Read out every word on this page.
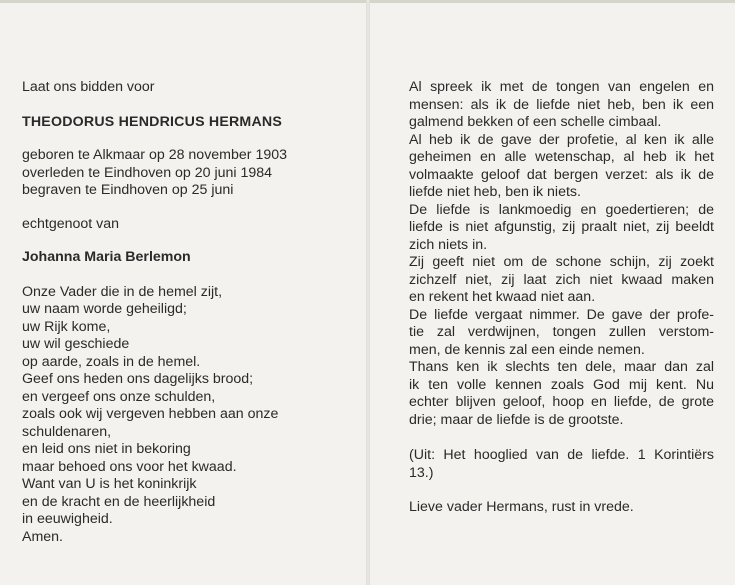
Laat ons bidden voor
THEODORUS HENDRICUS HERMANS
geboren te Alkmaar op 28 november 1903
overleden te Eindhoven op 20 juni 1984
begraven te Eindhoven op 25 juni
echtgenoot van
Johanna Maria Berlemon
Onze Vader die in de hemel zijt,
uw naam worde geheiligd;
uw Rijk kome,
uw wil geschiede
op aarde, zoals in de hemel.
Geef ons heden ons dagelijks brood;
en vergeef ons onze schulden,
zoals ook wij vergeven hebben aan onze
schuldenaren,
en leid ons niet in bekoring
maar behoed ons voor het kwaad.
Want van U is het koninkrijk
en de kracht en de heerlijkheid
in eeuwigheid.
Amen.
Al spreek ik met de tongen van engelen en
mensen: als ik de liefde niet heb, ben ik een
galmend bekken of een schelle cimbaal.
Al heb ik de gave der profetie, al ken ik alle
geheimen en alle wetenschap, al heb ik het
volmaakte geloof dat bergen verzet: als ik de
liefde niet heb, ben ik niets.
De liefde is lankmoedig en goedertieren; de
liefde is niet afgunstig, zij praalt niet, zij beeldt
zich niets in.
Zij geeft niet om de schone schijn, zij zoekt
zichzelf niet, zij laat zich niet kwaad maken
en rekent het kwaad niet aan.
De liefde vergaat nimmer. De gave der profe-
tie zal verdwijnen, tongen zullen verstom-
men, de kennis zal een einde nemen.
Thans ken ik slechts ten dele, maar dan zal
ik ten volle kennen zoals God mij kent. Nu
echter blijven geloof, hoop en liefde, de grote
drie; maar de liefde is de grootste.
(Uit: Het hooglied van de liefde. 1 Korintiërs
13.)
Lieve vader Hermans, rust in vrede.
